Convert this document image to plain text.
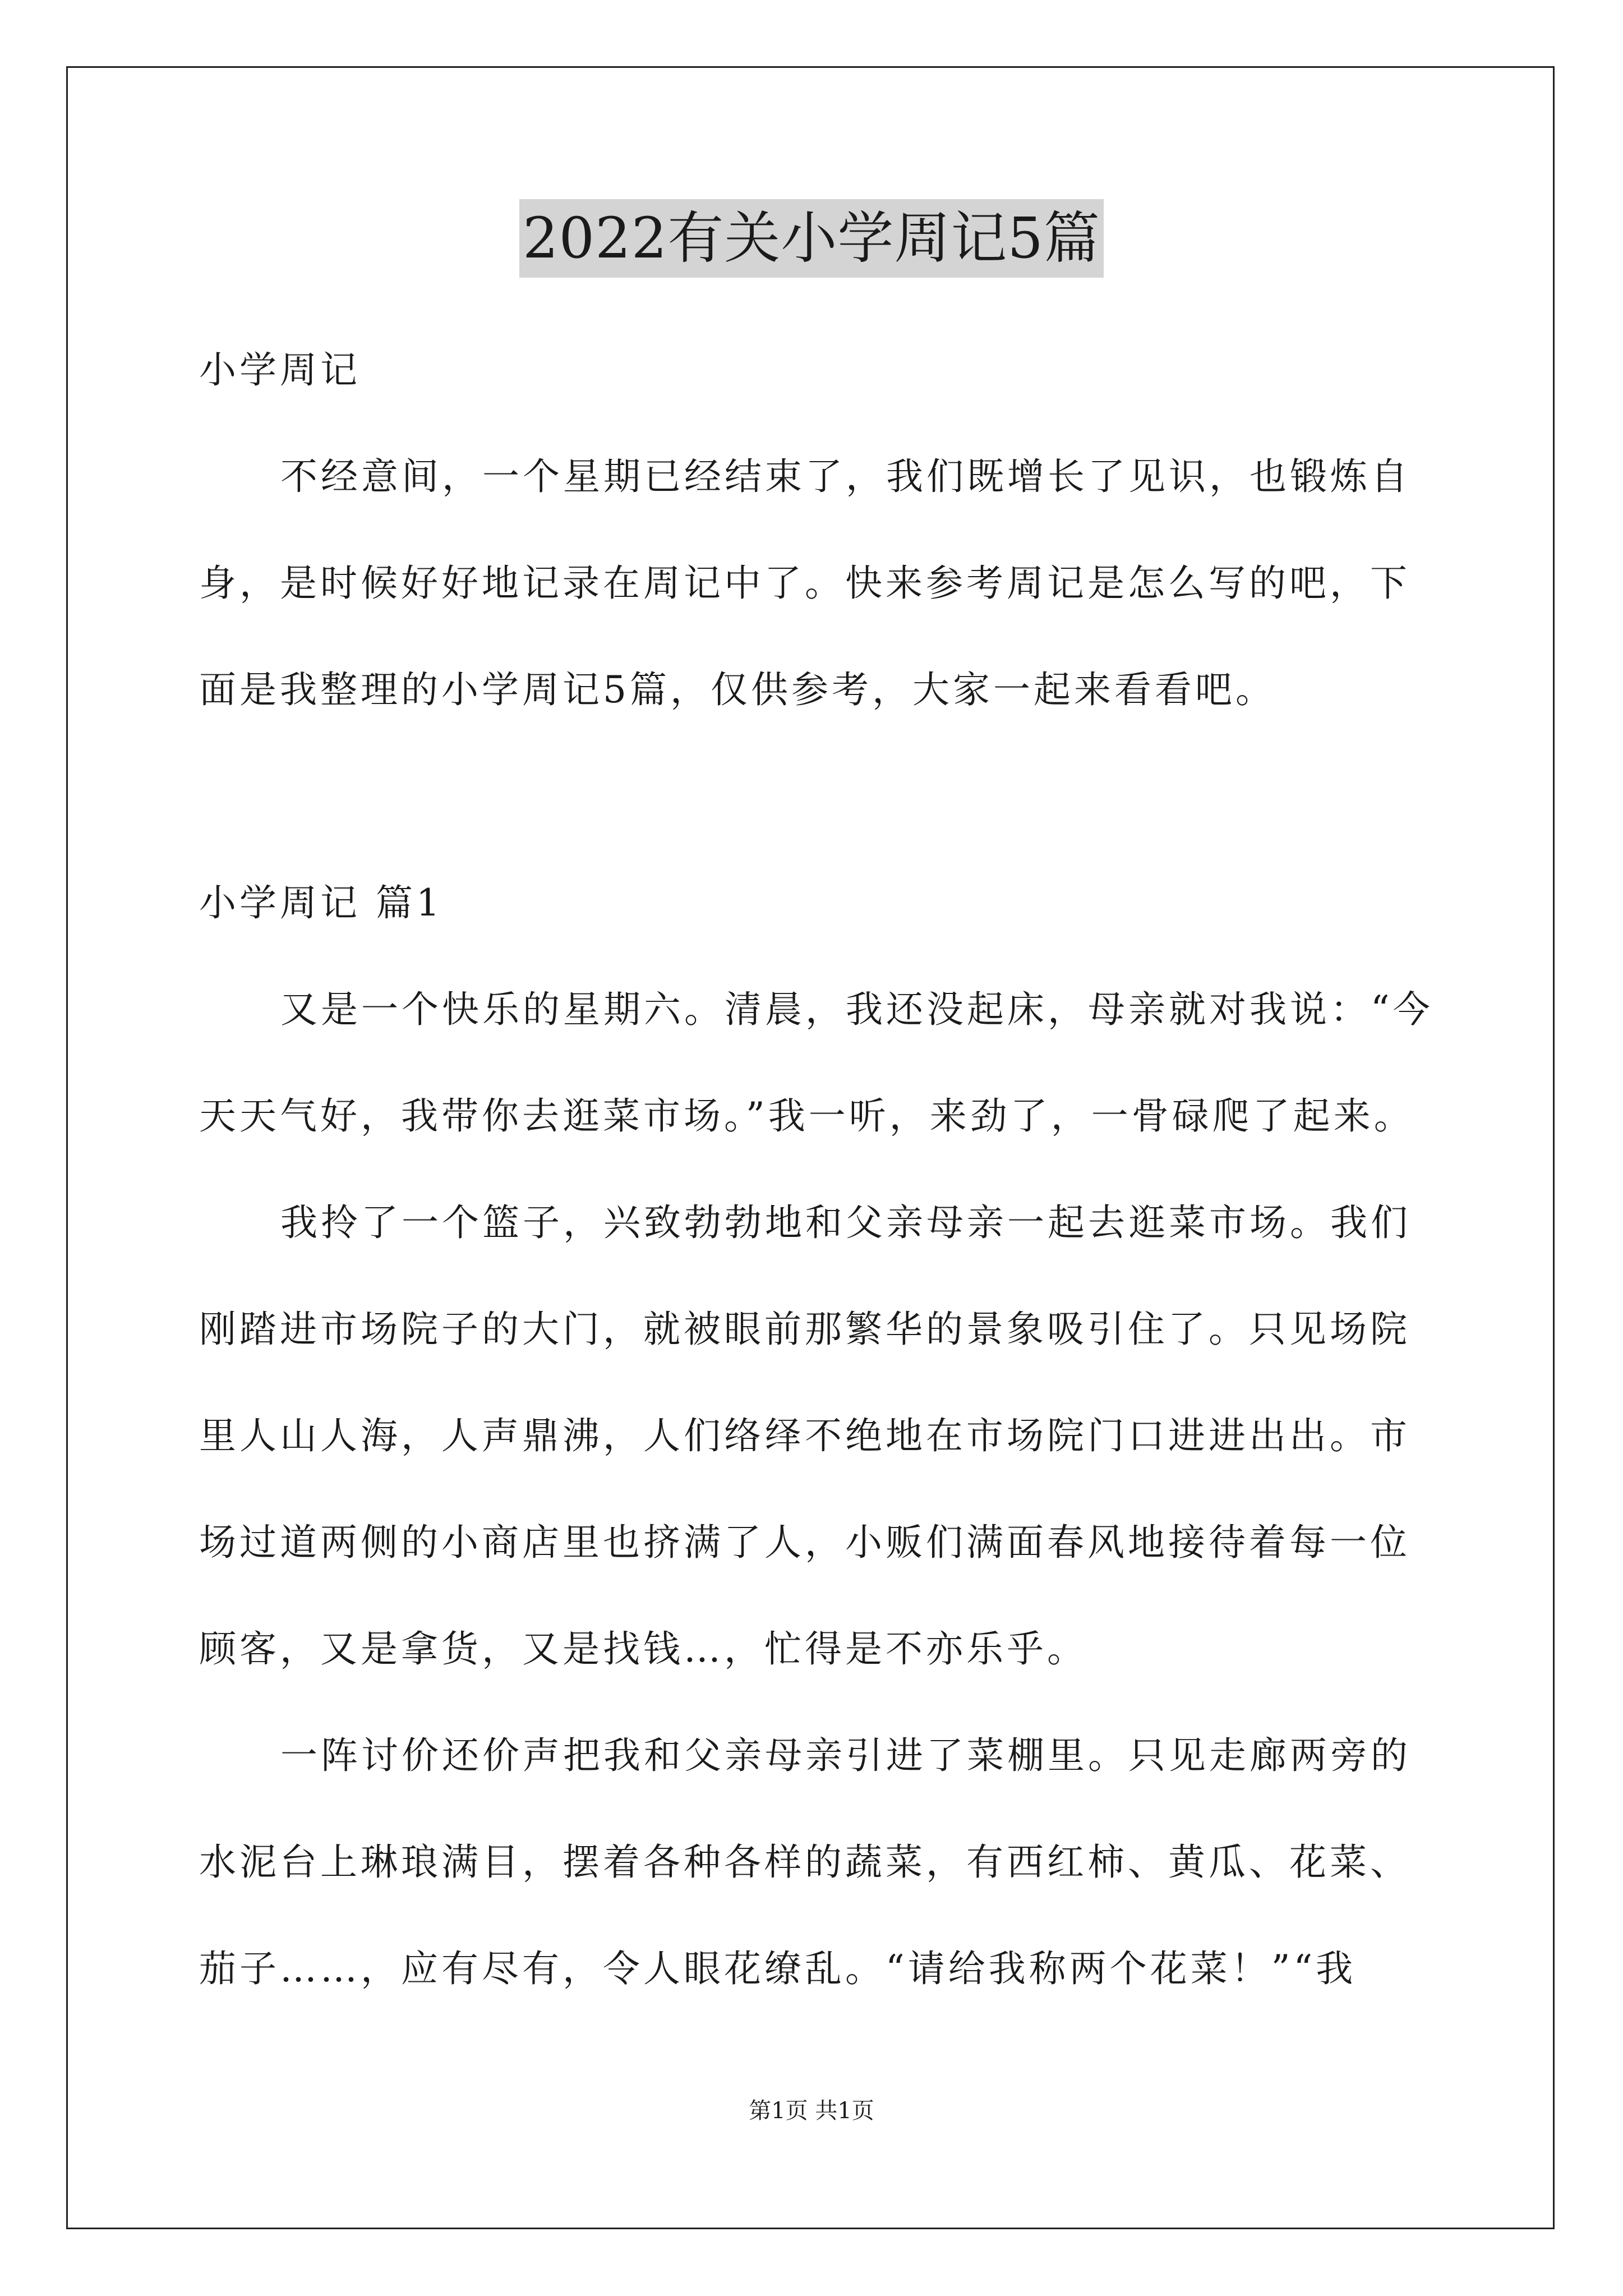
2022有关小学周记5篇

小学周记

不经意间，一个星期已经结束了，我们既增长了见识，也锻炼自

身，是时候好好地记录在周记中了。快来参考周记是怎么写的吧，下

面是我整理的小学周记5篇，仅供参考，大家一起来看看吧。

小学周记 篇1

又是一个快乐的星期六。清晨，我还没起床，母亲就对我说：“今

天天气好，我带你去逛菜市场。”我一听，来劲了，一骨碌爬了起来。

我拎了一个篮子，兴致勃勃地和父亲母亲一起去逛菜市场。我们

刚踏进市场院子的大门，就被眼前那繁华的景象吸引住了。只见场院

里人山人海，人声鼎沸，人们络绎不绝地在市场院门口进进出出。市

场过道两侧的小商店里也挤满了人，小贩们满面春风地接待着每一位

顾客，又是拿货，又是找钱…，忙得是不亦乐乎。

一阵讨价还价声把我和父亲母亲引进了菜棚里。只见走廊两旁的

水泥台上琳琅满目，摆着各种各样的蔬菜，有西红柿、黄瓜、花菜、

茄子……，应有尽有，令人眼花缭乱。“请给我称两个花菜！”“我

第1页 共1页
